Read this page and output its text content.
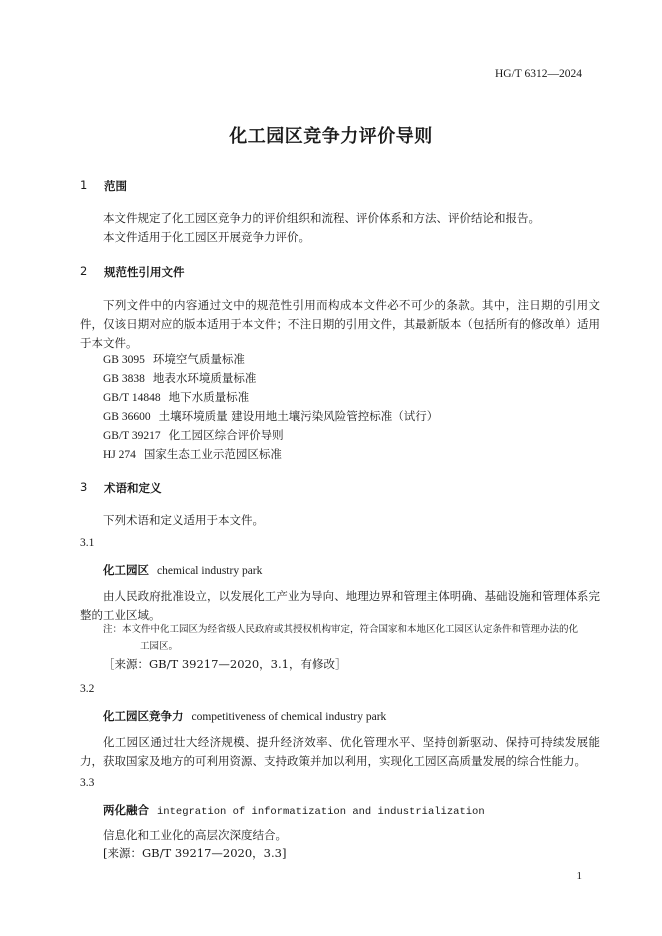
HG/T 6312—2024

化工园区竞争力评价导则

1 范围

本文件规定了化工园区竞争力的评价组织和流程、评价体系和方法、评价结论和报告。

本文件适用于化工园区开展竞争力评价。

2 规范性引用文件

下列文件中的内容通过文中的规范性引用而构成本文件必不可少的条款。其中，注日期的引用文件，仅该日期对应的版本适用于本文件；不注日期的引用文件，其最新版本（包括所有的修改单）适用于本文件。

GB 3095 环境空气质量标准

GB 3838 地表水环境质量标准

GB/T 14848 地下水质量标准

GB 36600 土壤环境质量 建设用地土壤污染风险管控标准（试行）

GB/T 39217 化工园区综合评价导则

HJ 274 国家生态工业示范园区标准

3 术语和定义

下列术语和定义适用于本文件。

3.1

化工园区 chemical industry park

由人民政府批准设立，以发展化工产业为导向、地理边界和管理主体明确、基础设施和管理体系完整的工业区域。

注：本文件中化工园区为经省级人民政府或其授权机构审定，符合国家和本地区化工园区认定条件和管理办法的化
工园区。

［来源：GB/T 39217—2020，3.1，有修改］

3.2

化工园区竞争力 competitiveness of chemical industry park

化工园区通过壮大经济规模、提升经济效率、优化管理水平、坚持创新驱动、保持可持续发展能力，获取国家及地方的可利用资源、支持政策并加以利用，实现化工园区高质量发展的综合性能力。

3.3

两化融合 integration of informatization and industrialization

信息化和工业化的高层次深度结合。

[来源：GB/T 39217—2020，3.3]

1
